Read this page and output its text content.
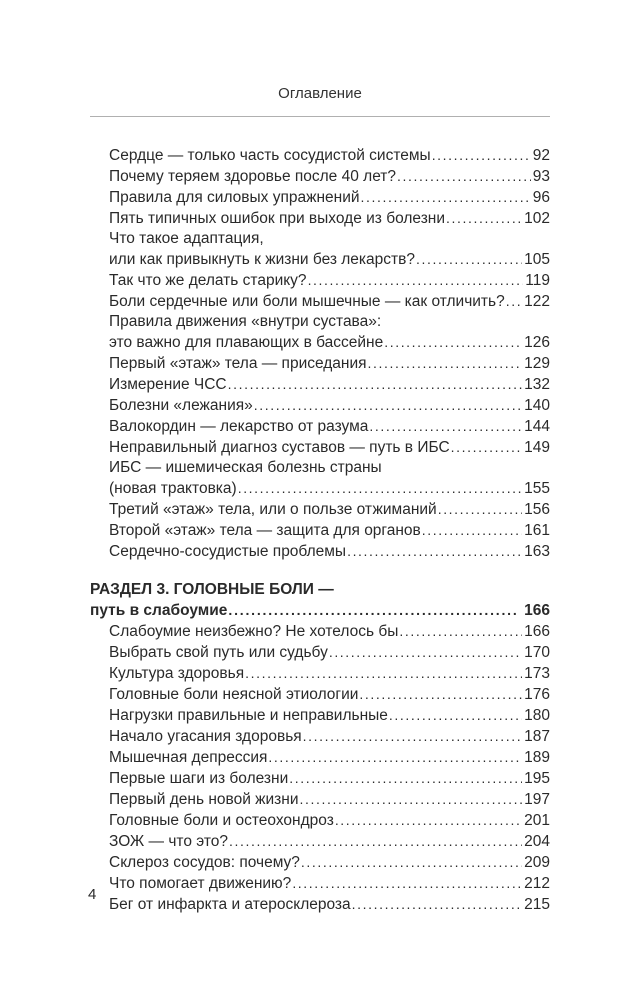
Оглавление
Сердце — только часть сосудистой системы .....	92
Почему теряем здоровье после 40 лет? .....	93
Правила для силовых упражнений .....	96
Пять типичных ошибок при выходе из болезни .....	102
Что такое адаптация,
или как привыкнуть к жизни без лекарств? .....	105
Так что же делать старику? .....	119
Боли сердечные или боли мышечные — как отличить? ..... 122
Правила движения «внутри сустава»:
это важно для плавающих в бассейне .....	126
Первый «этаж» тела — приседания .....	129
Измерение ЧСС .....	132
Болезни «лежания» .....	140
Валокордин — лекарство от разума .....	144
Неправильный диагноз суставов — путь в ИБС .....	149
ИБС — ишемическая болезнь страны
(новая трактовка) .....	155
Третий «этаж» тела, или о пользе отжиманий .....	156
Второй «этаж» тела — защита для органов .....	161
Сердечно-сосудистые проблемы .....	163
РАЗДЕЛ 3. ГОЛОВНЫЕ БОЛИ —
путь в слабоумие .....	166
Слабоумие неизбежно? Не хотелось бы .....	166
Выбрать свой путь или судьбу .....	170
Культура здоровья .....	173
Головные боли неясной этиологии .....	176
Нагрузки правильные и неправильные .....	180
Начало угасания здоровья .....	187
Мышечная депрессия .....	189
Первые шаги из болезни .....	195
Первый день новой жизни .....	197
Головные боли и остеохондроз .....	201
ЗОЖ — что это? .....	204
Склероз сосудов: почему? .....	209
Что помогает движению? .....	212
Бег от инфаркта и атеросклероза .....	215
4
